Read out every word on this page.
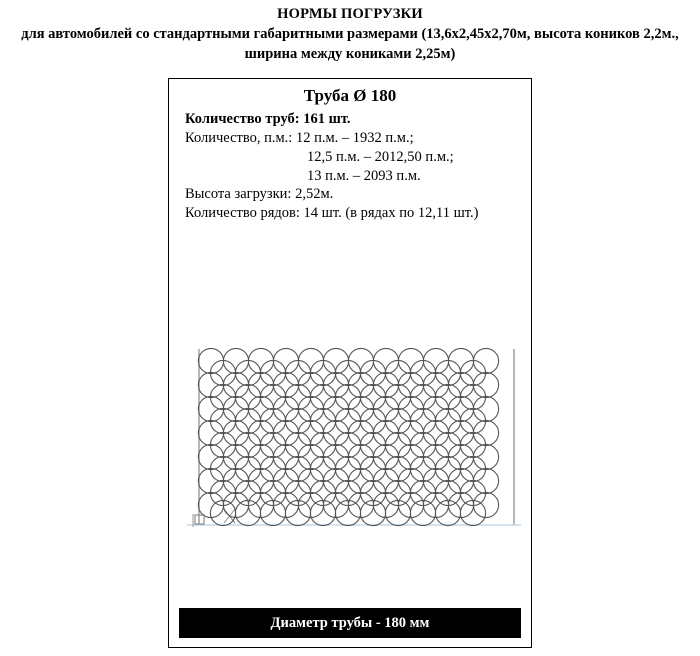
НОРМЫ ПОГРУЗКИ
для автомобилей со стандартными габаритными размерами (13,6х2,45х2,70м, высота коников 2,2м., ширина между кониками 2,25м)
Труба Ø 180
Количество труб: 161 шт.
Количество, п.м.: 12 п.м. – 1932 п.м.;
12,5 п.м. – 2012,50 п.м.;
13 п.м. – 2093 п.м.
Высота загрузки: 2,52м.
Количество рядов: 14 шт. (в рядах по 12,11 шт.)
Диаметр трубы - 180 мм
